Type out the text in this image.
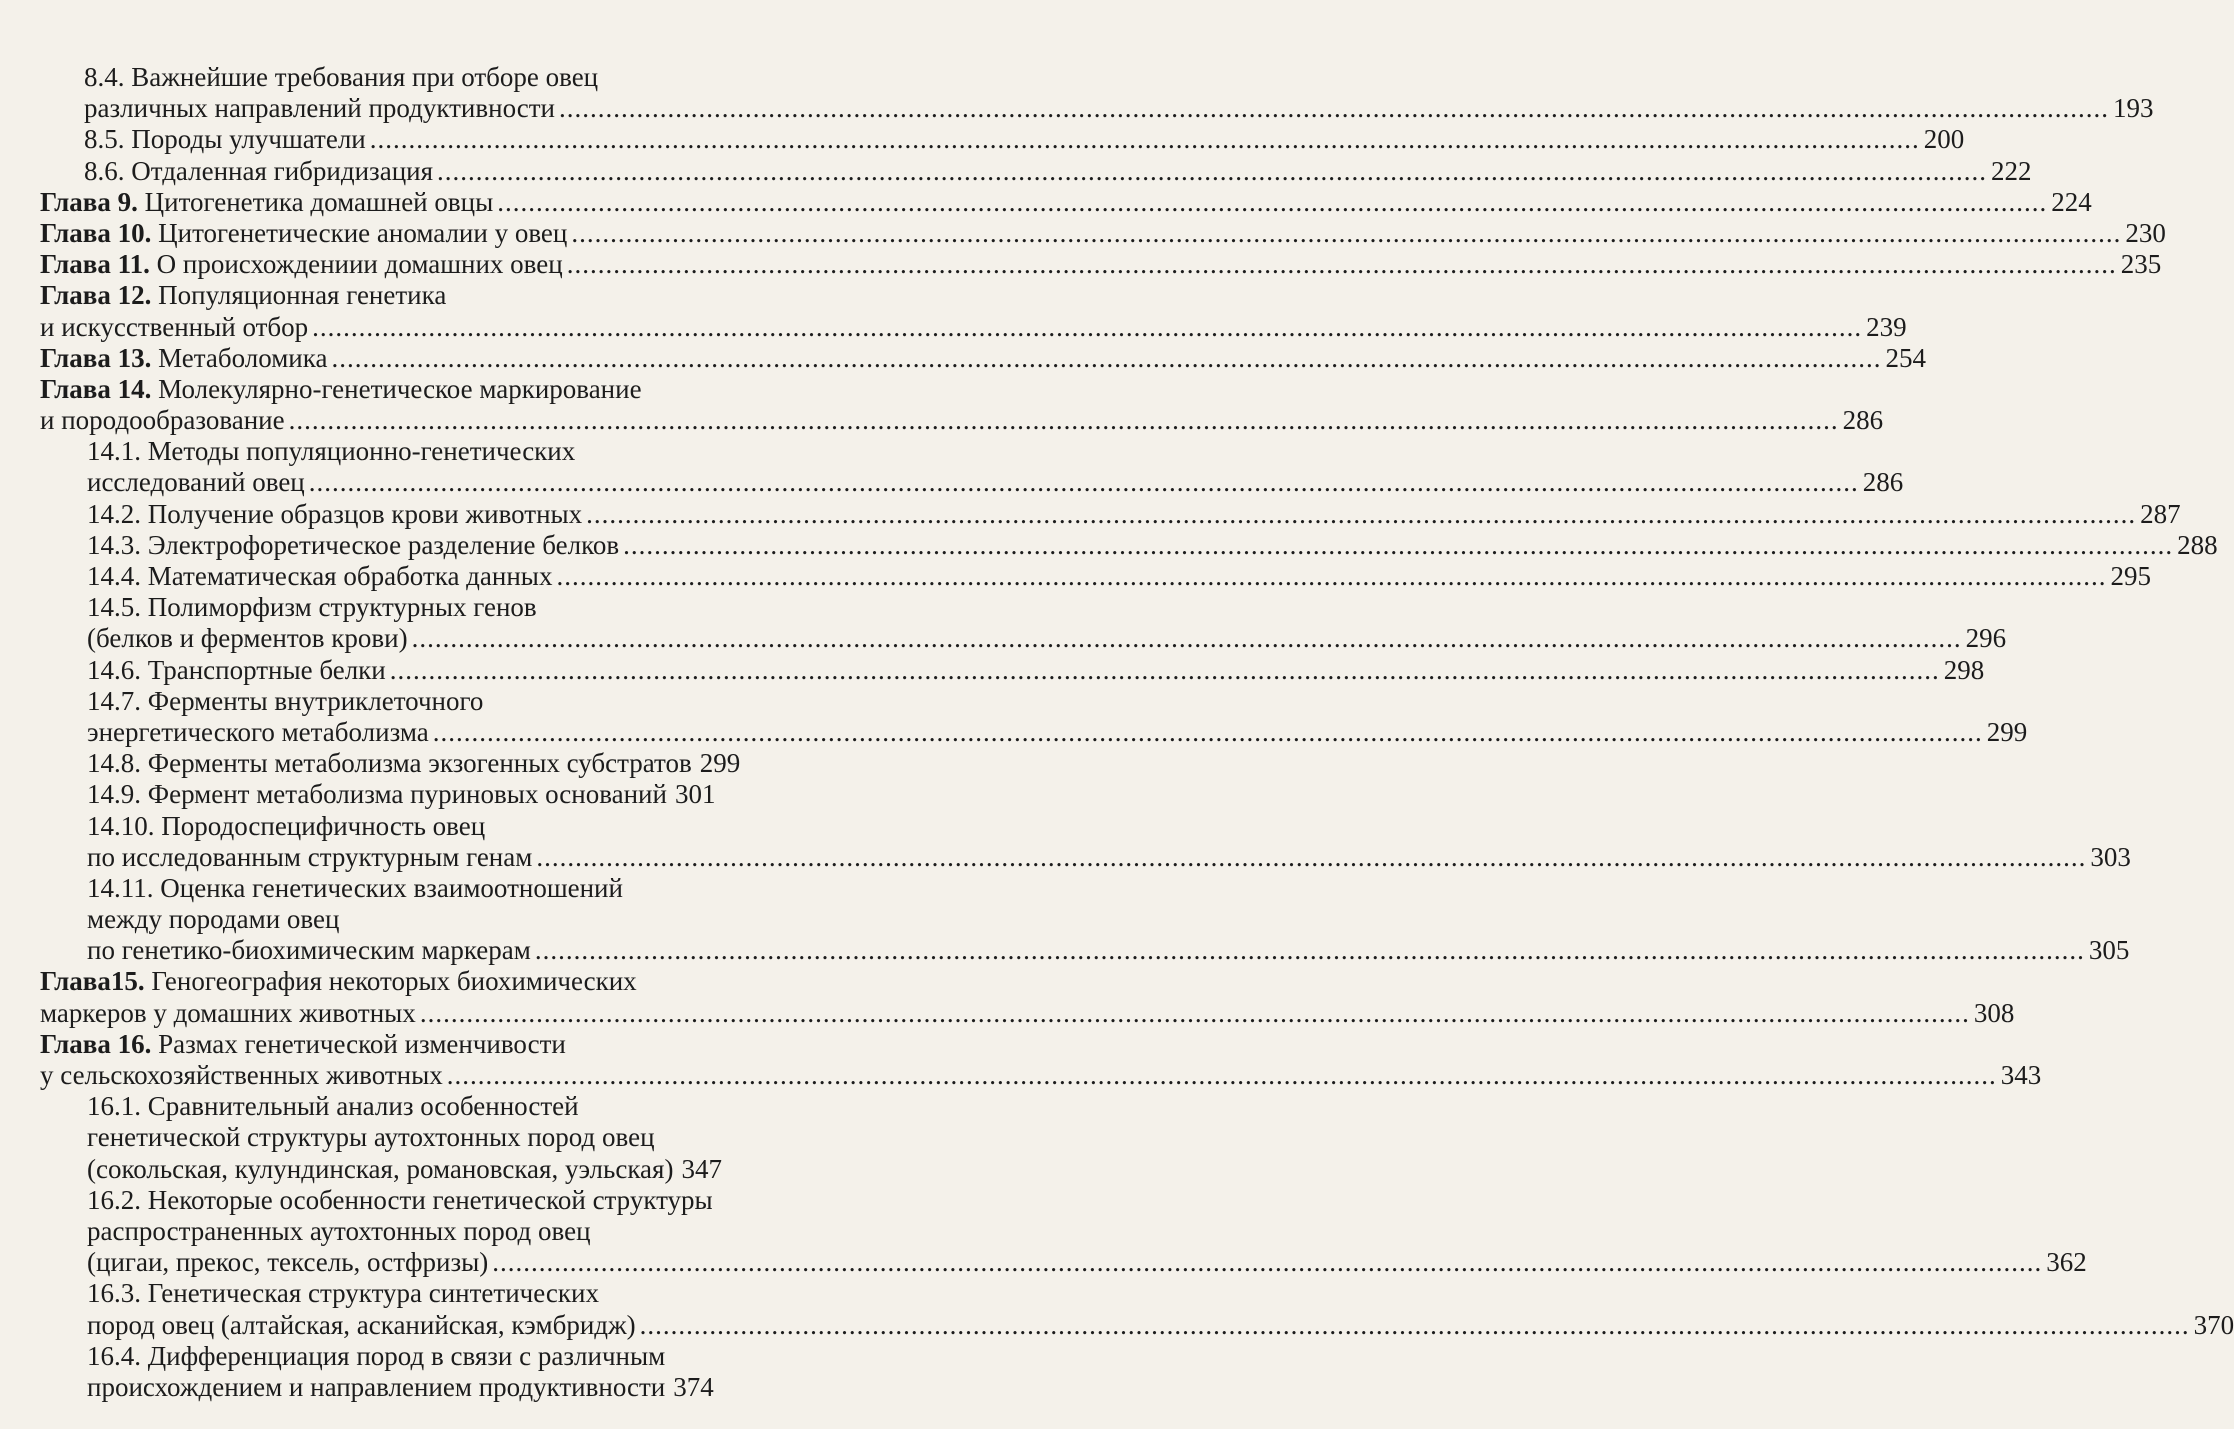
8.4. Важнейшие требования при отборе овец
различных направлений продуктивности ........................................................................................................................................................................................................ 193
8.5. Породы улучшатели ........................................................................................................................................................................................................ 200
8.6. Отдаленная гибридизация ........................................................................................................................................................................................................ 222
Глава 9. Цитогенетика домашней овцы ........................................................................................................................................................................................................ 224
Глава 10. Цитогенетические аномалии у овец ........................................................................................................................................................................................................ 230
Глава 11. О происхождениии домашних овец ........................................................................................................................................................................................................ 235
Глава 12. Популяционная генетика
и искусственный отбор ........................................................................................................................................................................................................ 239
Глава 13. Метаболомика ........................................................................................................................................................................................................ 254
Глава 14. Молекулярно-генетическое маркирование
и породообразование ........................................................................................................................................................................................................ 286
14.1. Методы популяционно-генетических
исследований овец ........................................................................................................................................................................................................ 286
14.2. Получение образцов крови животных ........................................................................................................................................................................................................ 287
14.3. Электрофоретическое разделение белков ........................................................................................................................................................................................................ 288
14.4. Математическая обработка данных ........................................................................................................................................................................................................ 295
14.5. Полиморфизм структурных генов
(белков и ферментов крови) ........................................................................................................................................................................................................ 296
14.6. Транспортные белки ........................................................................................................................................................................................................ 298
14.7. Ферменты внутриклеточного
энергетического метаболизма ........................................................................................................................................................................................................ 299
14.8. Ферменты метаболизма экзогенных субстратов 299
14.9. Фермент метаболизма пуриновых оснований 301
14.10. Породоспецифичность овец
по исследованным структурным генам ........................................................................................................................................................................................................ 303
14.11. Оценка генетических взаимоотношений
между породами овец
по генетико-биохимическим маркерам ........................................................................................................................................................................................................ 305
Глава15. Геногеография некоторых биохимических
маркеров у домашних животных ........................................................................................................................................................................................................ 308
Глава 16. Размах генетической изменчивости
у сельскохозяйственных животных ........................................................................................................................................................................................................ 343
16.1. Сравнительный анализ особенностей
генетической структуры аутохтонных пород овец
(сокольская, кулундинская, романовская, уэльская) 347
16.2. Некоторые особенности генетической структуры
распространенных аутохтонных пород овец
(цигаи, прекос, тексель, остфризы) ........................................................................................................................................................................................................ 362
16.3. Генетическая структура синтетических
пород овец (алтайская, асканийская, кэмбридж) ........................................................................................................................................................................................................ 370
16.4. Дифференциация пород в связи с различным
происхождением и направлением продуктивности 374
